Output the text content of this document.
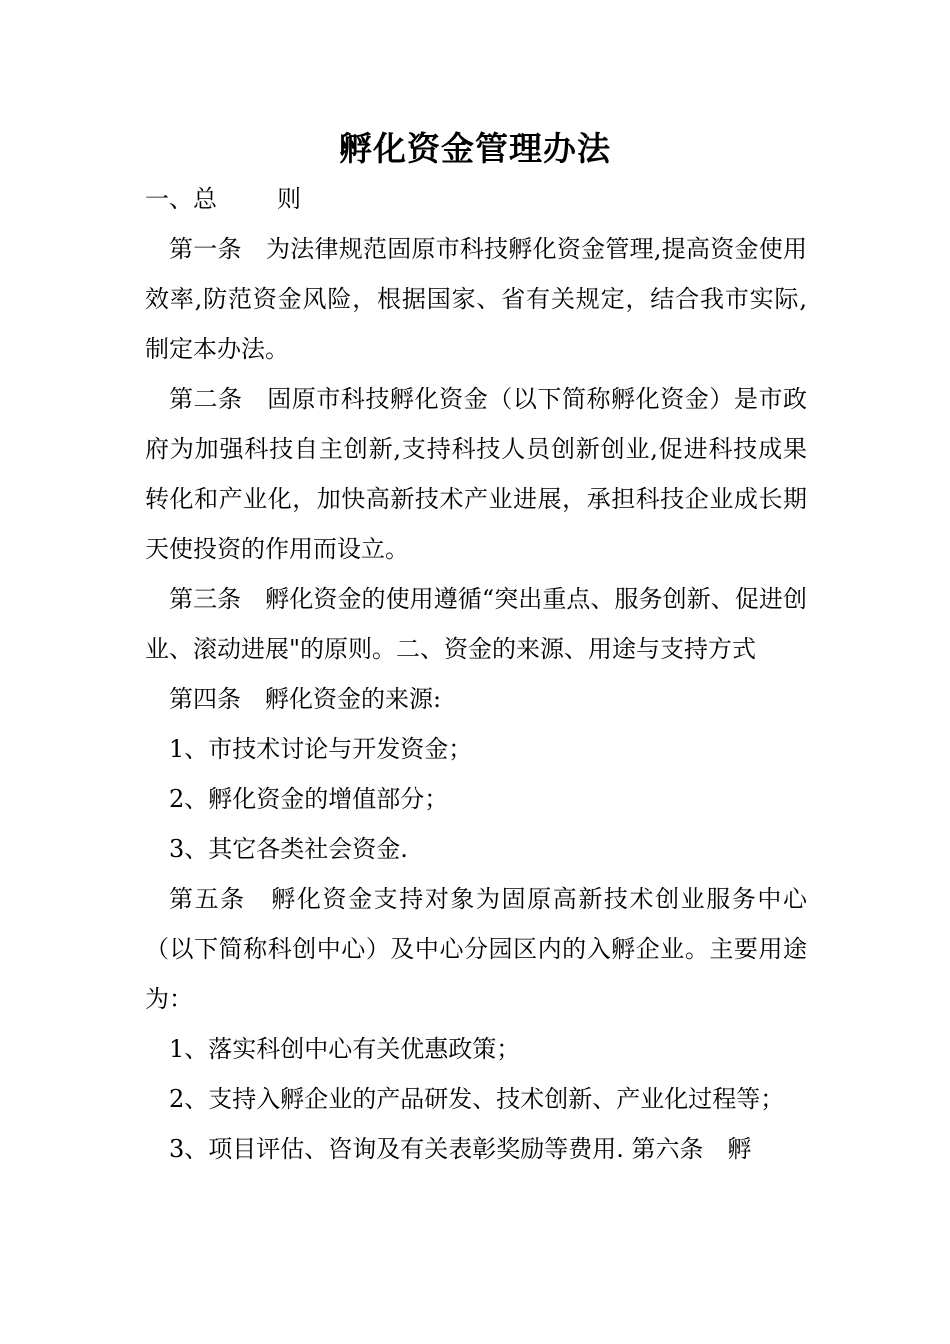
孵化资金管理办法

一、总	则

第一条　为法律规范固原市科技孵化资金管理,提高资金使用效率,防范资金风险，根据国家、省有关规定，结合我市实际,制定本办法。

第二条　固原市科技孵化资金（以下简称孵化资金）是市政府为加强科技自主创新,支持科技人员创新创业,促进科技成果转化和产业化，加快高新技术产业进展，承担科技企业成长期天使投资的作用而设立。

第三条　孵化资金的使用遵循“突出重点、服务创新、促进创业、滚动进展"的原则。二、资金的来源、用途与支持方式

第四条　孵化资金的来源:

1、市技术讨论与开发资金；

2、孵化资金的增值部分；

3、其它各类社会资金.

第五条　孵化资金支持对象为固原高新技术创业服务中心（以下简称科创中心）及中心分园区内的入孵企业。主要用途为：

1、落实科创中心有关优惠政策；

2、支持入孵企业的产品研发、技术创新、产业化过程等；

3、项目评估、咨询及有关表彰奖励等费用. 第六条　孵
